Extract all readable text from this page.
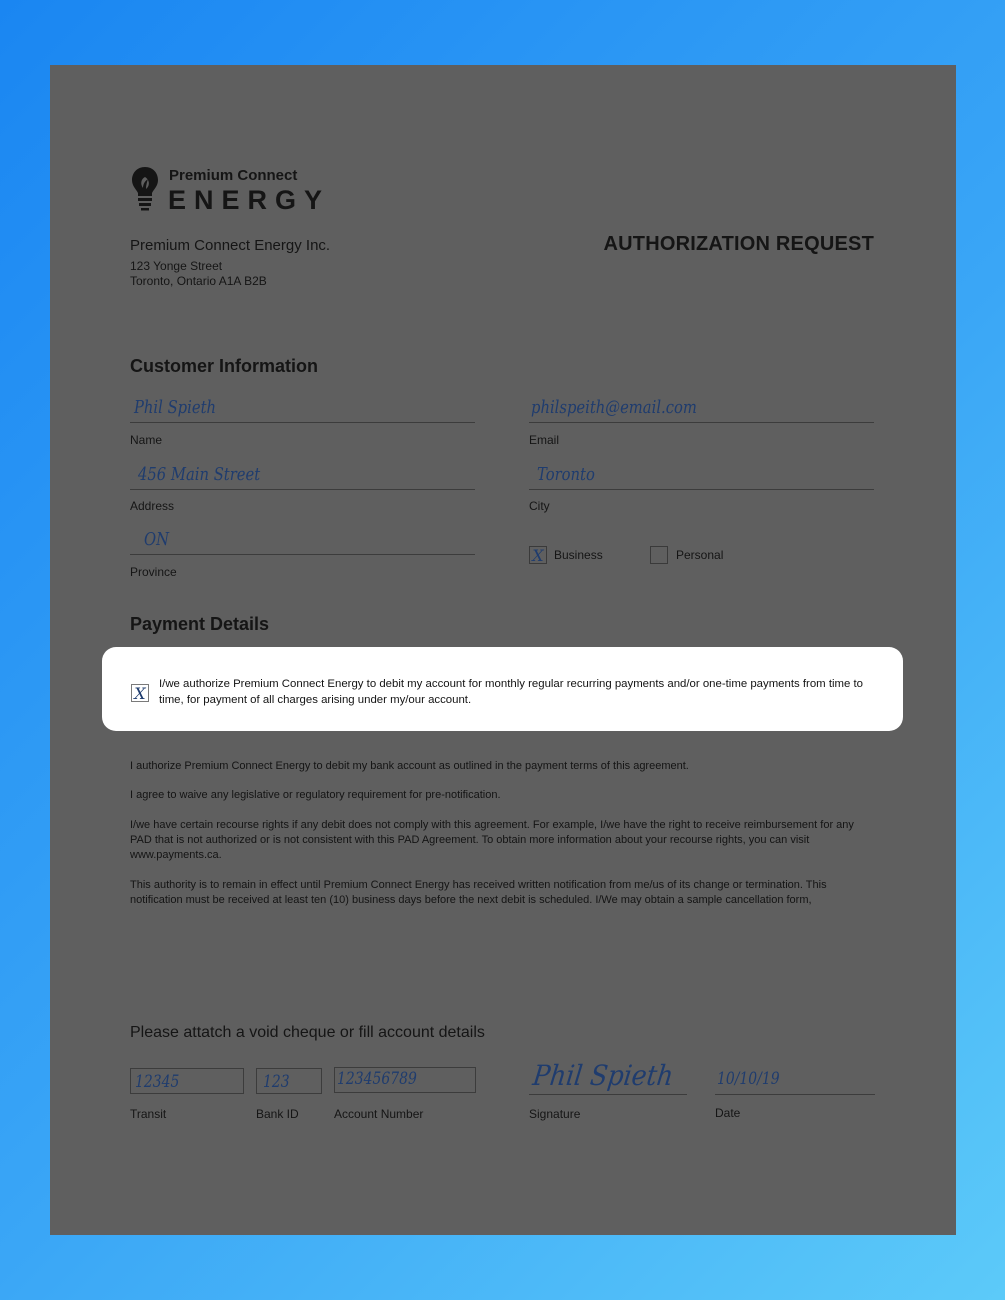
Premium Connect
ENERGY
Premium Connect Energy Inc.
123 Yonge Street
Toronto, Ontario A1A B2B
AUTHORIZATION REQUEST
Customer Information
Phil Spieth
Name
philspeith@email.com
Email
456 Main Street
Address
Toronto
City
ON
Province
X Business	Personal
Payment Details
X I/we authorize Premium Connect Energy to debit my account for monthly regular recurring payments and/or one-time payments from time to time, for payment of all charges arising under my/our account.
I authorize Premium Connect Energy to debit my bank account as outlined in the payment terms of this agreement.
I agree to waive any legislative or regulatory requirement for pre-notification.
I/we have certain recourse rights if any debit does not comply with this agreement. For example, I/we have the right to receive reimbursement for any PAD that is not authorized or is not consistent with this PAD Agreement. To obtain more information about your recourse rights, you can visit www.payments.ca.
This authority is to remain in effect until Premium Connect Energy has received written notification from me/us of its change or termination. This notification must be received at least ten (10) business days before the next debit is scheduled. I/We may obtain a sample cancellation form,
Please attatch a void cheque or fill account details
12345
Transit
123
Bank ID
123456789
Account Number
Phil Spieth
Signature
10/10/19
Date
